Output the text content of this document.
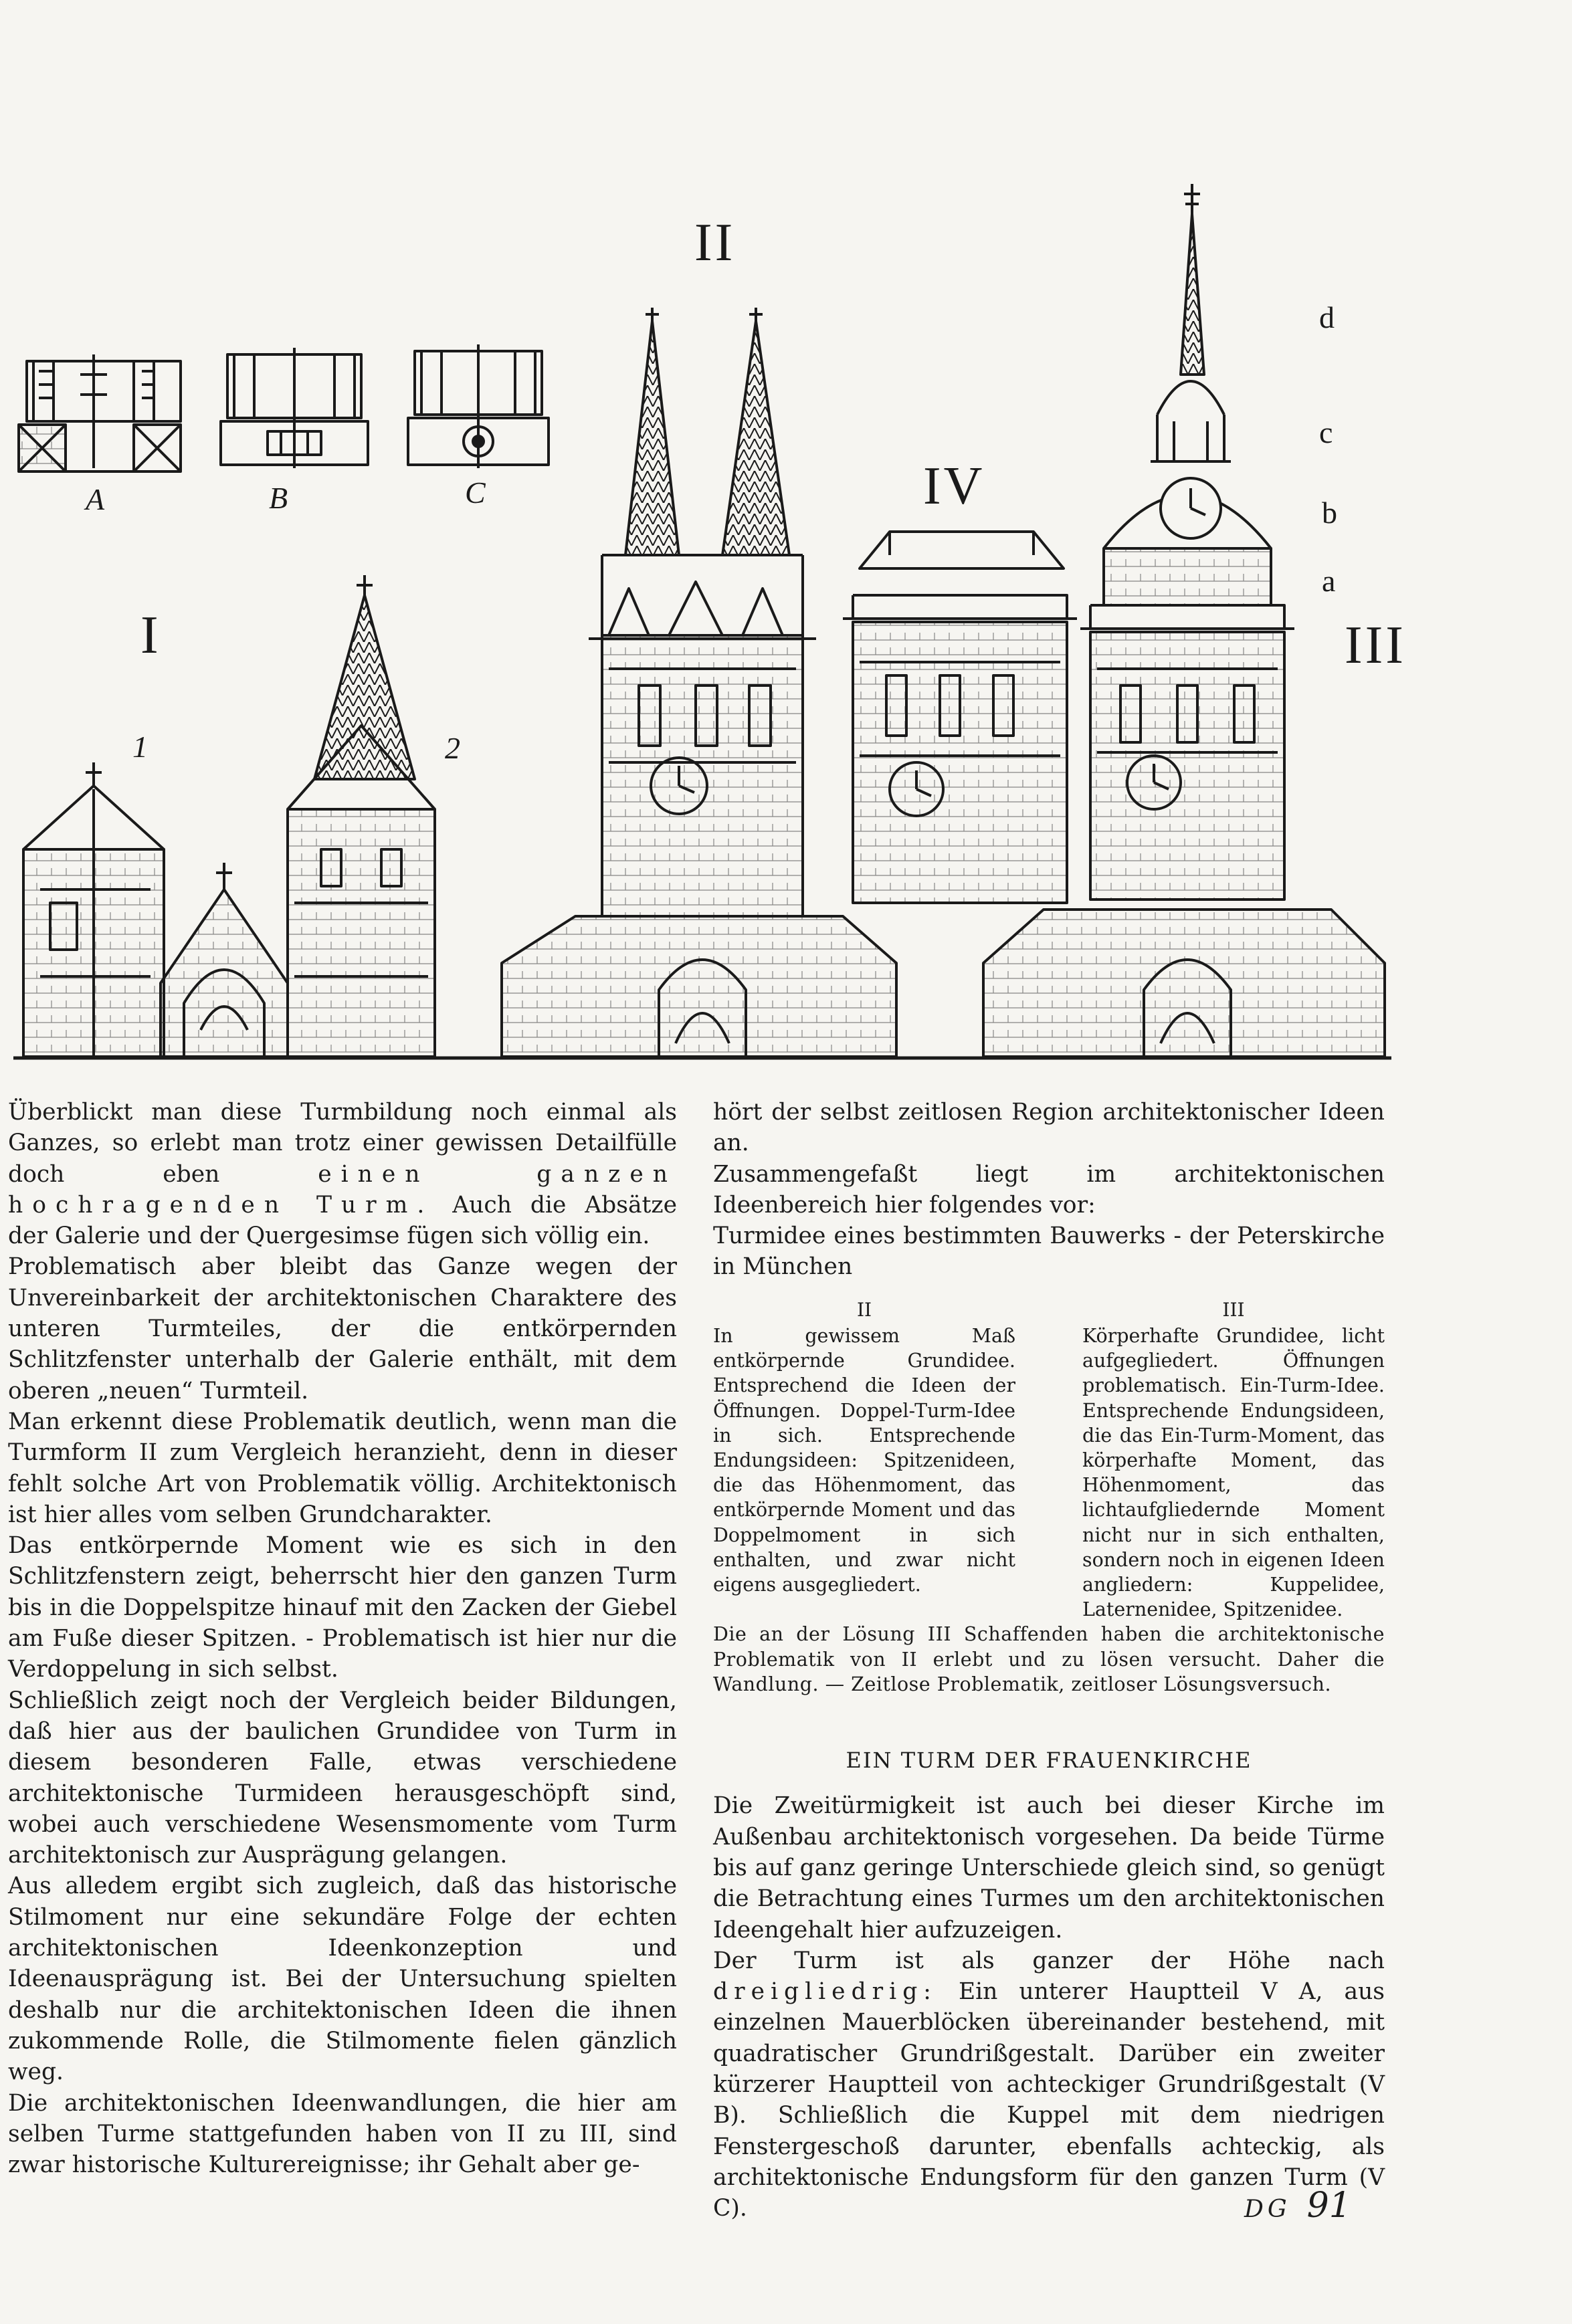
A	B	C
I
II
III
IV
1	2
d
c
b
a

Überblickt man diese Turmbildung noch einmal als Ganzes, so erlebt man trotz einer gewissen Detailfülle doch eben	einen ganzen hochragenden Turm. Auch die Absätze der Galerie und der Quergesimse fügen sich völlig ein.

Problematisch aber bleibt das Ganze wegen der Unvereinbarkeit der architektonischen Charaktere des unteren Turmteiles, der die entkörpernden Schlitzfenster unterhalb der Galerie enthält, mit dem oberen „neuen“ Turmteil.

Man erkennt diese Problematik deutlich, wenn man die Turmform II zum Vergleich heranzieht, denn in dieser fehlt solche Art von Problematik völlig. Architektonisch ist hier alles vom selben Grundcharakter.

Das entkörpernde Moment wie es sich in den Schlitzfenstern zeigt, beherrscht hier den ganzen Turm bis in die Doppelspitze hinauf mit den Zacken der Giebel am Fuße dieser Spitzen. - Problematisch ist hier nur die Verdoppelung in sich selbst.

Schließlich zeigt noch der Vergleich beider Bildungen, daß hier aus der baulichen Grundidee von Turm in diesem besonderen Falle, etwas verschiedene architektonische Turmideen herausgeschöpft sind, wobei auch verschiedene Wesensmomente vom Turm architektonisch zur Ausprägung gelangen.

Aus alledem ergibt sich zugleich, daß das historische Stilmoment nur eine sekundäre Folge der echten architektonischen Ideenkonzeption und Ideenausprägung ist. Bei der Untersuchung spielten deshalb nur die architektonischen Ideen die ihnen zukommende Rolle, die Stilmomente fielen gänzlich weg.

Die architektonischen Ideenwandlungen, die hier am selben Turme stattgefunden haben von II zu III, sind zwar historische Kulturereignisse; ihr Gehalt aber ge-

hört der selbst zeitlosen Region architektonischer Ideen an.

Zusammengefaßt liegt im architektonischen Ideenbereich hier folgendes vor:

Turmidee eines bestimmten Bauwerks - der Peterskirche in München

II
In gewissem Maß entkörpernde Grundidee. Entsprechend die Ideen der Öffnungen. Doppel-Turm-Idee in sich. Entsprechende Endungsideen: Spitzenideen, die das Höhenmoment, das entkörpernde Moment und das Doppelmoment in sich enthalten, und zwar nicht eigens ausgegliedert.
III
Körperhafte Grundidee, licht aufgegliedert. Öffnungen problematisch. Ein-Turm-Idee. Entsprechende Endungsideen, die das Ein-Turm-Moment, das körperhafte Moment, das Höhenmoment, das lichtaufgliedernde Moment nicht nur in sich enthalten, sondern noch in eigenen Ideen angliedern: Kuppelidee, Laternenidee, Spitzenidee.

Die an der Lösung III Schaffenden haben die architektonische Problematik von II erlebt und zu lösen versucht. Daher die Wandlung. — Zeitlose Problematik, zeitloser Lösungsversuch.

EIN TURM DER FRAUENKIRCHE

Die Zweitürmigkeit ist auch bei dieser Kirche im Außenbau architektonisch vorgesehen. Da beide Türme bis auf ganz geringe Unterschiede gleich sind, so genügt die Betrachtung eines Turmes um den architektonischen Ideengehalt hier aufzuzeigen.

Der Turm ist als ganzer der Höhe nach dreigliedrig: Ein unterer Hauptteil V A, aus einzelnen Mauerblöcken übereinander bestehend, mit quadratischer Grundrißgestalt. Darüber ein zweiter kürzerer Hauptteil von achteckiger Grundrißgestalt (V B). Schließlich die Kuppel mit dem niedrigen Fenstergeschoß darunter, ebenfalls achteckig, als architektonische Endungsform für den ganzen Turm (V C).	DG 91
